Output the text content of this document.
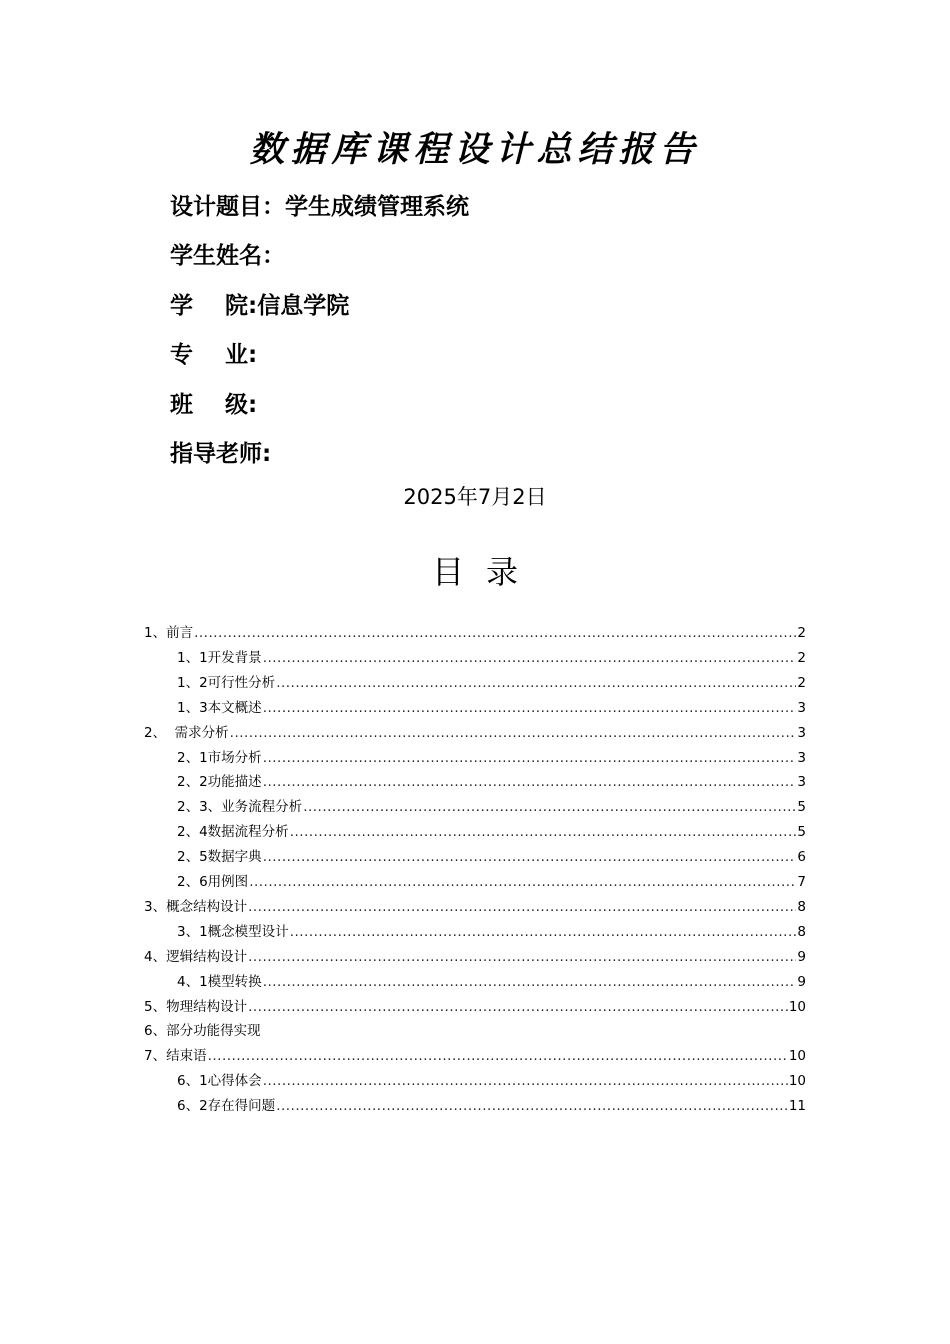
数据库课程设计总结报告
设计题目： 学生成绩管理系统
学生姓名：
学    院: 信息学院
专    业:
班    级:
指导老师:
2025年7月2日
目录
1、前言 .....	2
1、1开发背景 .....	2
1、2可行性分析 .....	2
1、3本文概述 .....	3
2、  需求分析 .....	3
2、1市场分析 .....	3
2、2功能描述 .....	3
2、3、业务流程分析 .....	5
2、4数据流程分析 .....	5
2、5数据字典 .....	6
2、6用例图 .....	7
3、概念结构设计 .....	8
3、1概念模型设计 .....	8
4、逻辑结构设计 .....	9
4、1模型转换 .....	9
5、物理结构设计 .....	10
6、部分功能得实现
7、结束语 .....	10
6、1心得体会 .....	10
6、2存在得问题 .....	11
